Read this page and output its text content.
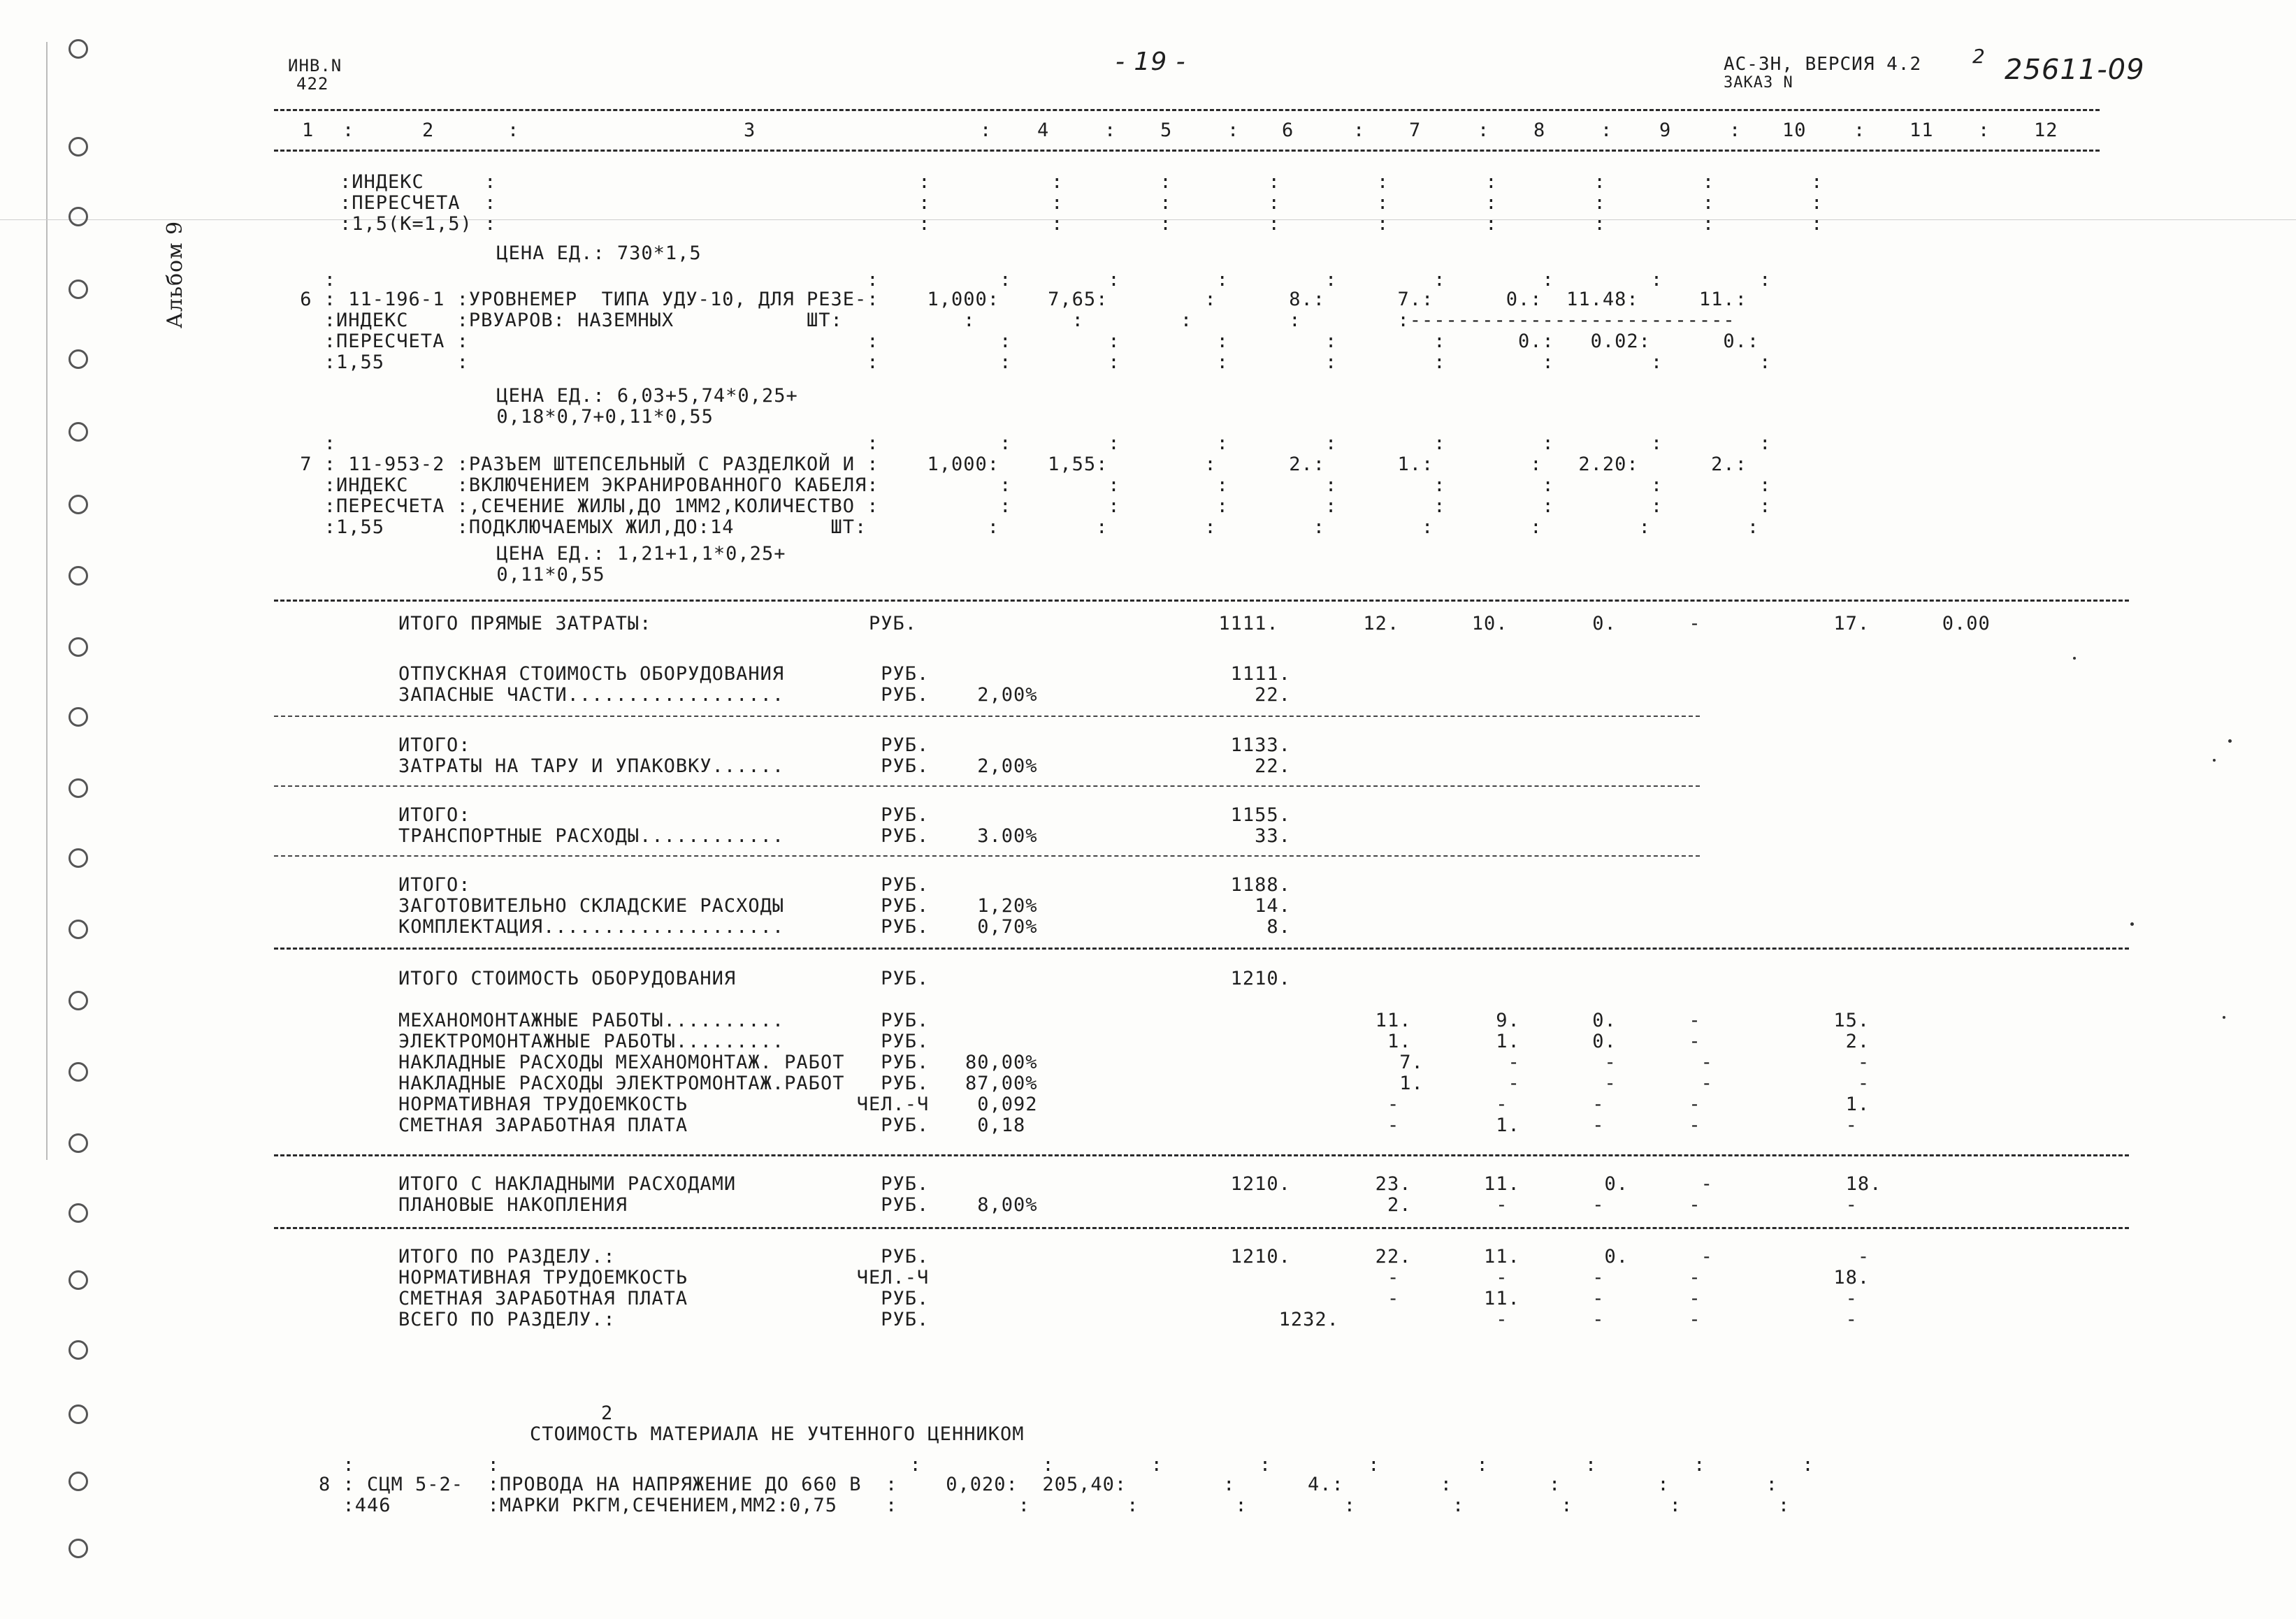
Альбом 9
ИНВ.N
422
- 19 -	АС-ЗН, ВЕРСИЯ 4.2
ЗАКАЗ N
2 25611-09
1 :	2	:	3	: 4	: 5	: 6	: 7	: 8	: 9	: 10 : 11 : 12
:ИНДЕКС     :                                   :          :        :        :        :        :        :        :        :
:ПЕРЕСЧЕТА  :                                   :          :        :        :        :        :        :        :        :
:1,5(K=1,5) :                                   :          :        :        :        :        :        :        :        :
ЦЕНА ЕД.: 730*1,5
:                                            :          :        :        :        :        :        :        :        :
6 : 11-196-1 :УРОВНЕМЕР  ТИПА УДУ-10, ДЛЯ РЕЗЕ-:    1,000:    7,65:        :      8.:      7.:      0.:  11.48:     11.:
:ИНДЕКС    :РВУАРОВ: НАЗЕМНЫХ           ШТ:          :        :        :        :        :---------------------------
:ПЕРЕСЧЕТА :                                 :          :        :        :        :        :      0.:   0.02:      0.:
:1,55      :                                 :          :        :        :        :        :        :        :        :
ЦЕНА ЕД.: 6,03+5,74*0,25+
0,18*0,7+0,11*0,55
:                                            :          :        :        :        :        :        :        :        :
7 : 11-953-2 :РАЗЪЕМ ШТЕПСЕЛЬНЫЙ С РАЗДЕЛКОЙ И :    1,000:    1,55:        :      2.:      1.:        :   2.20:      2.:
:ИНДЕКС    :ВКЛЮЧЕНИЕМ ЭКРАНИРОВАННОГО КАБЕЛЯ:          :        :        :        :        :        :        :        :
:ПЕРЕСЧЕТА :,СЕЧЕНИЕ ЖИЛЫ,ДО 1ММ2,КОЛИЧЕСТВО :          :        :        :        :        :        :        :        :
:1,55      :ПОДКЛЮЧАЕМЫХ ЖИЛ,ДО:14        ШТ:          :        :        :        :        :        :        :        :
ЦЕНА ЕД.: 1,21+1,1*0,25+
0,11*0,55
ИТОГО ПРЯМЫЕ ЗАТРАТЫ:                  РУБ.                         1111.       12.      10.       0.      -           17.      0.00
ОТПУСКНАЯ СТОИМОСТЬ ОБОРУДОВАНИЯ        РУБ.                         1111.
ЗАПАСНЫЕ ЧАСТИ..................        РУБ.    2,00%                  22.
ИТОГО:                                  РУБ.                         1133.
ЗАТРАТЫ НА ТАРУ И УПАКОВКУ......        РУБ.    2,00%                  22.
ИТОГО:                                  РУБ.                         1155.
ТРАНСПОРТНЫЕ РАСХОДЫ............        РУБ.    3.00%                  33.
ИТОГО:                                  РУБ.                         1188.
ЗАГОТОВИТЕЛЬНО СКЛАДСКИЕ РАСХОДЫ        РУБ.    1,20%                  14.
КОМПЛЕКТАЦИЯ....................        РУБ.    0,70%                   8.
ИТОГО СТОИМОСТЬ ОБОРУДОВАНИЯ            РУБ.                         1210.
МЕХАНОМОНТАЖНЫЕ РАБОТЫ..........        РУБ.                                     11.       9.      0.      -           15.
ЭЛЕКТРОМОНТАЖНЫЕ РАБОТЫ.........        РУБ.                                      1.       1.      0.      -            2.
НАКЛАДНЫЕ РАСХОДЫ МЕХАНОМОНТАЖ. РАБОТ   РУБ.   80,00%                              7.       -       -       -            -
НАКЛАДНЫЕ РАСХОДЫ ЭЛЕКТРОМОНТАЖ.РАБОТ   РУБ.   87,00%                              1.       -       -       -            -
НОРМАТИВНАЯ ТРУДОЕМКОСТЬ              ЧЕЛ.-Ч    0,092                             -        -       -       -            1.
СМЕТНАЯ ЗАРАБОТНАЯ ПЛАТА                РУБ.    0,18                              -        1.      -       -            -
ИТОГО С НАКЛАДНЫМИ РАСХОДАМИ            РУБ.                         1210.       23.      11.       0.      -           18.
ПЛАНОВЫЕ НАКОПЛЕНИЯ                     РУБ.    8,00%                             2.       -       -       -            -
ИТОГО ПО РАЗДЕЛУ.:                      РУБ.                         1210.       22.      11.       0.      -            -
НОРМАТИВНАЯ ТРУДОЕМКОСТЬ              ЧЕЛ.-Ч                                      -        -       -       -           18.
СМЕТНАЯ ЗАРАБОТНАЯ ПЛАТА                РУБ.                                      -       11.      -       -            -
ВСЕГО ПО РАЗДЕЛУ.:                      РУБ.                             1232.             -       -       -            -
2
СТОИМОСТЬ МАТЕРИАЛА НЕ УЧТЕННОГО ЦЕННИКОМ
:           :                                  :          :        :        :        :        :        :        :        :
8 : СЦМ 5-2-  :ПРОВОДА НА НАПРЯЖЕНИЕ ДО 660 В  :    0,020:  205,40:        :      4.:        :        :        :        :
:446        :МАРКИ РКГМ,СЕЧЕНИЕМ,ММ2:0,75    :          :        :        :        :        :        :        :        :
